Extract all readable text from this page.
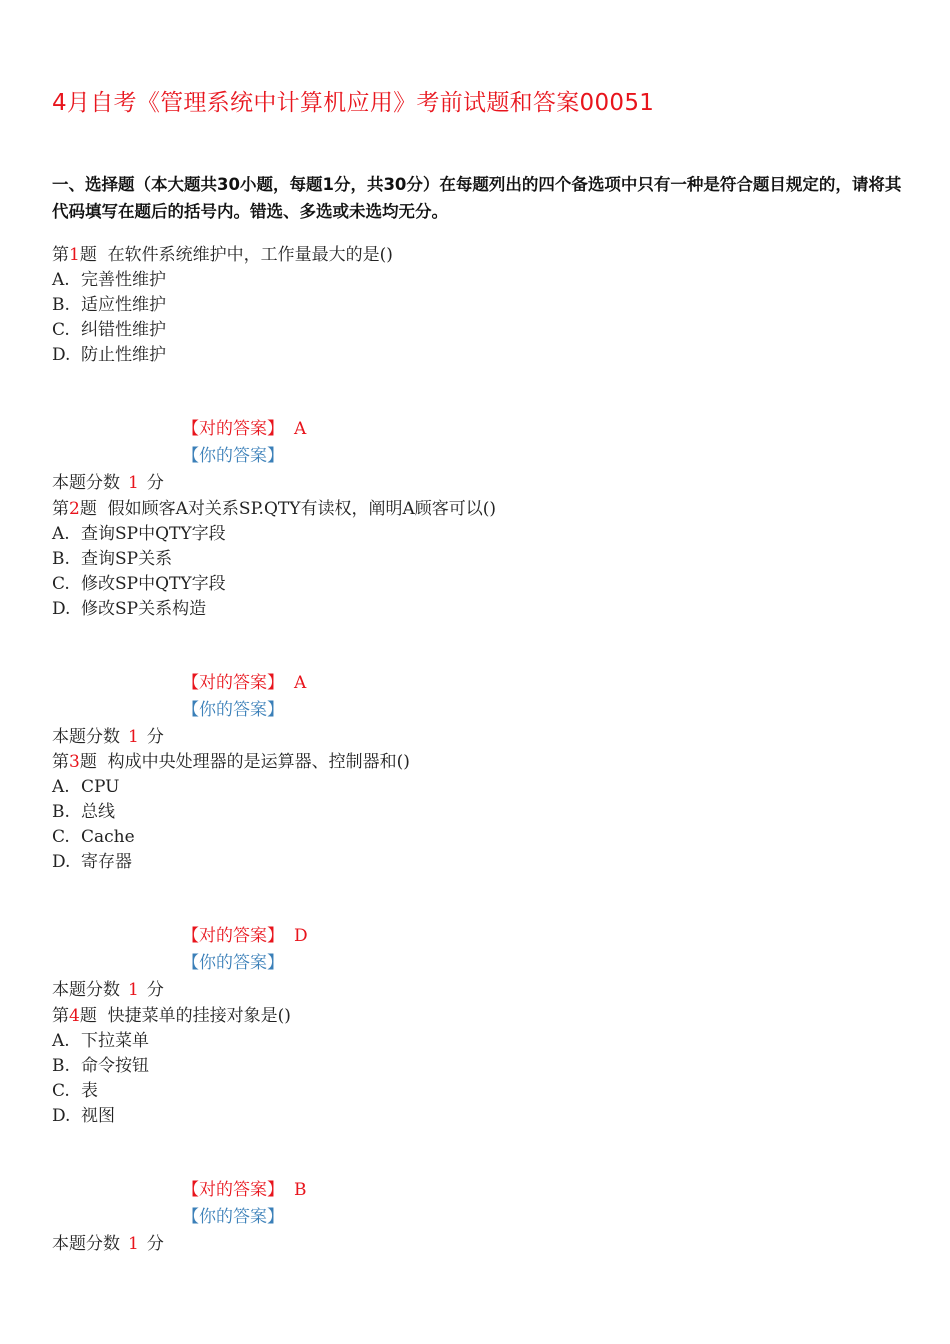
4月自考《管理系统中计算机应用》考前试题和答案00051
一、选择题（本大题共30小题，每题1分，共30分）在每题列出的四个备选项中只有一种是符合题目规定的，请将其代码填写在题后的括号内。错选、多选或未选均无分。
第1题 在软件系统维护中，工作量最大的是()
A. 完善性维护
B. 适应性维护
C. 纠错性维护
D. 防止性维护
【对的答案】 A
【你的答案】
本题分数 1 分
第2题 假如顾客A对关系SP.QTY有读权，阐明A顾客可以()
A. 查询SP中QTY字段
B. 查询SP关系
C. 修改SP中QTY字段
D. 修改SP关系构造
【对的答案】 A
【你的答案】
本题分数 1 分
第3题 构成中央处理器的是运算器、控制器和()
A. CPU
B. 总线
C. Cache
D. 寄存器
【对的答案】 D
【你的答案】
本题分数 1 分
第4题 快捷菜单的挂接对象是()
A. 下拉菜单
B. 命令按钮
C. 表
D. 视图
【对的答案】 B
【你的答案】
本题分数 1 分
